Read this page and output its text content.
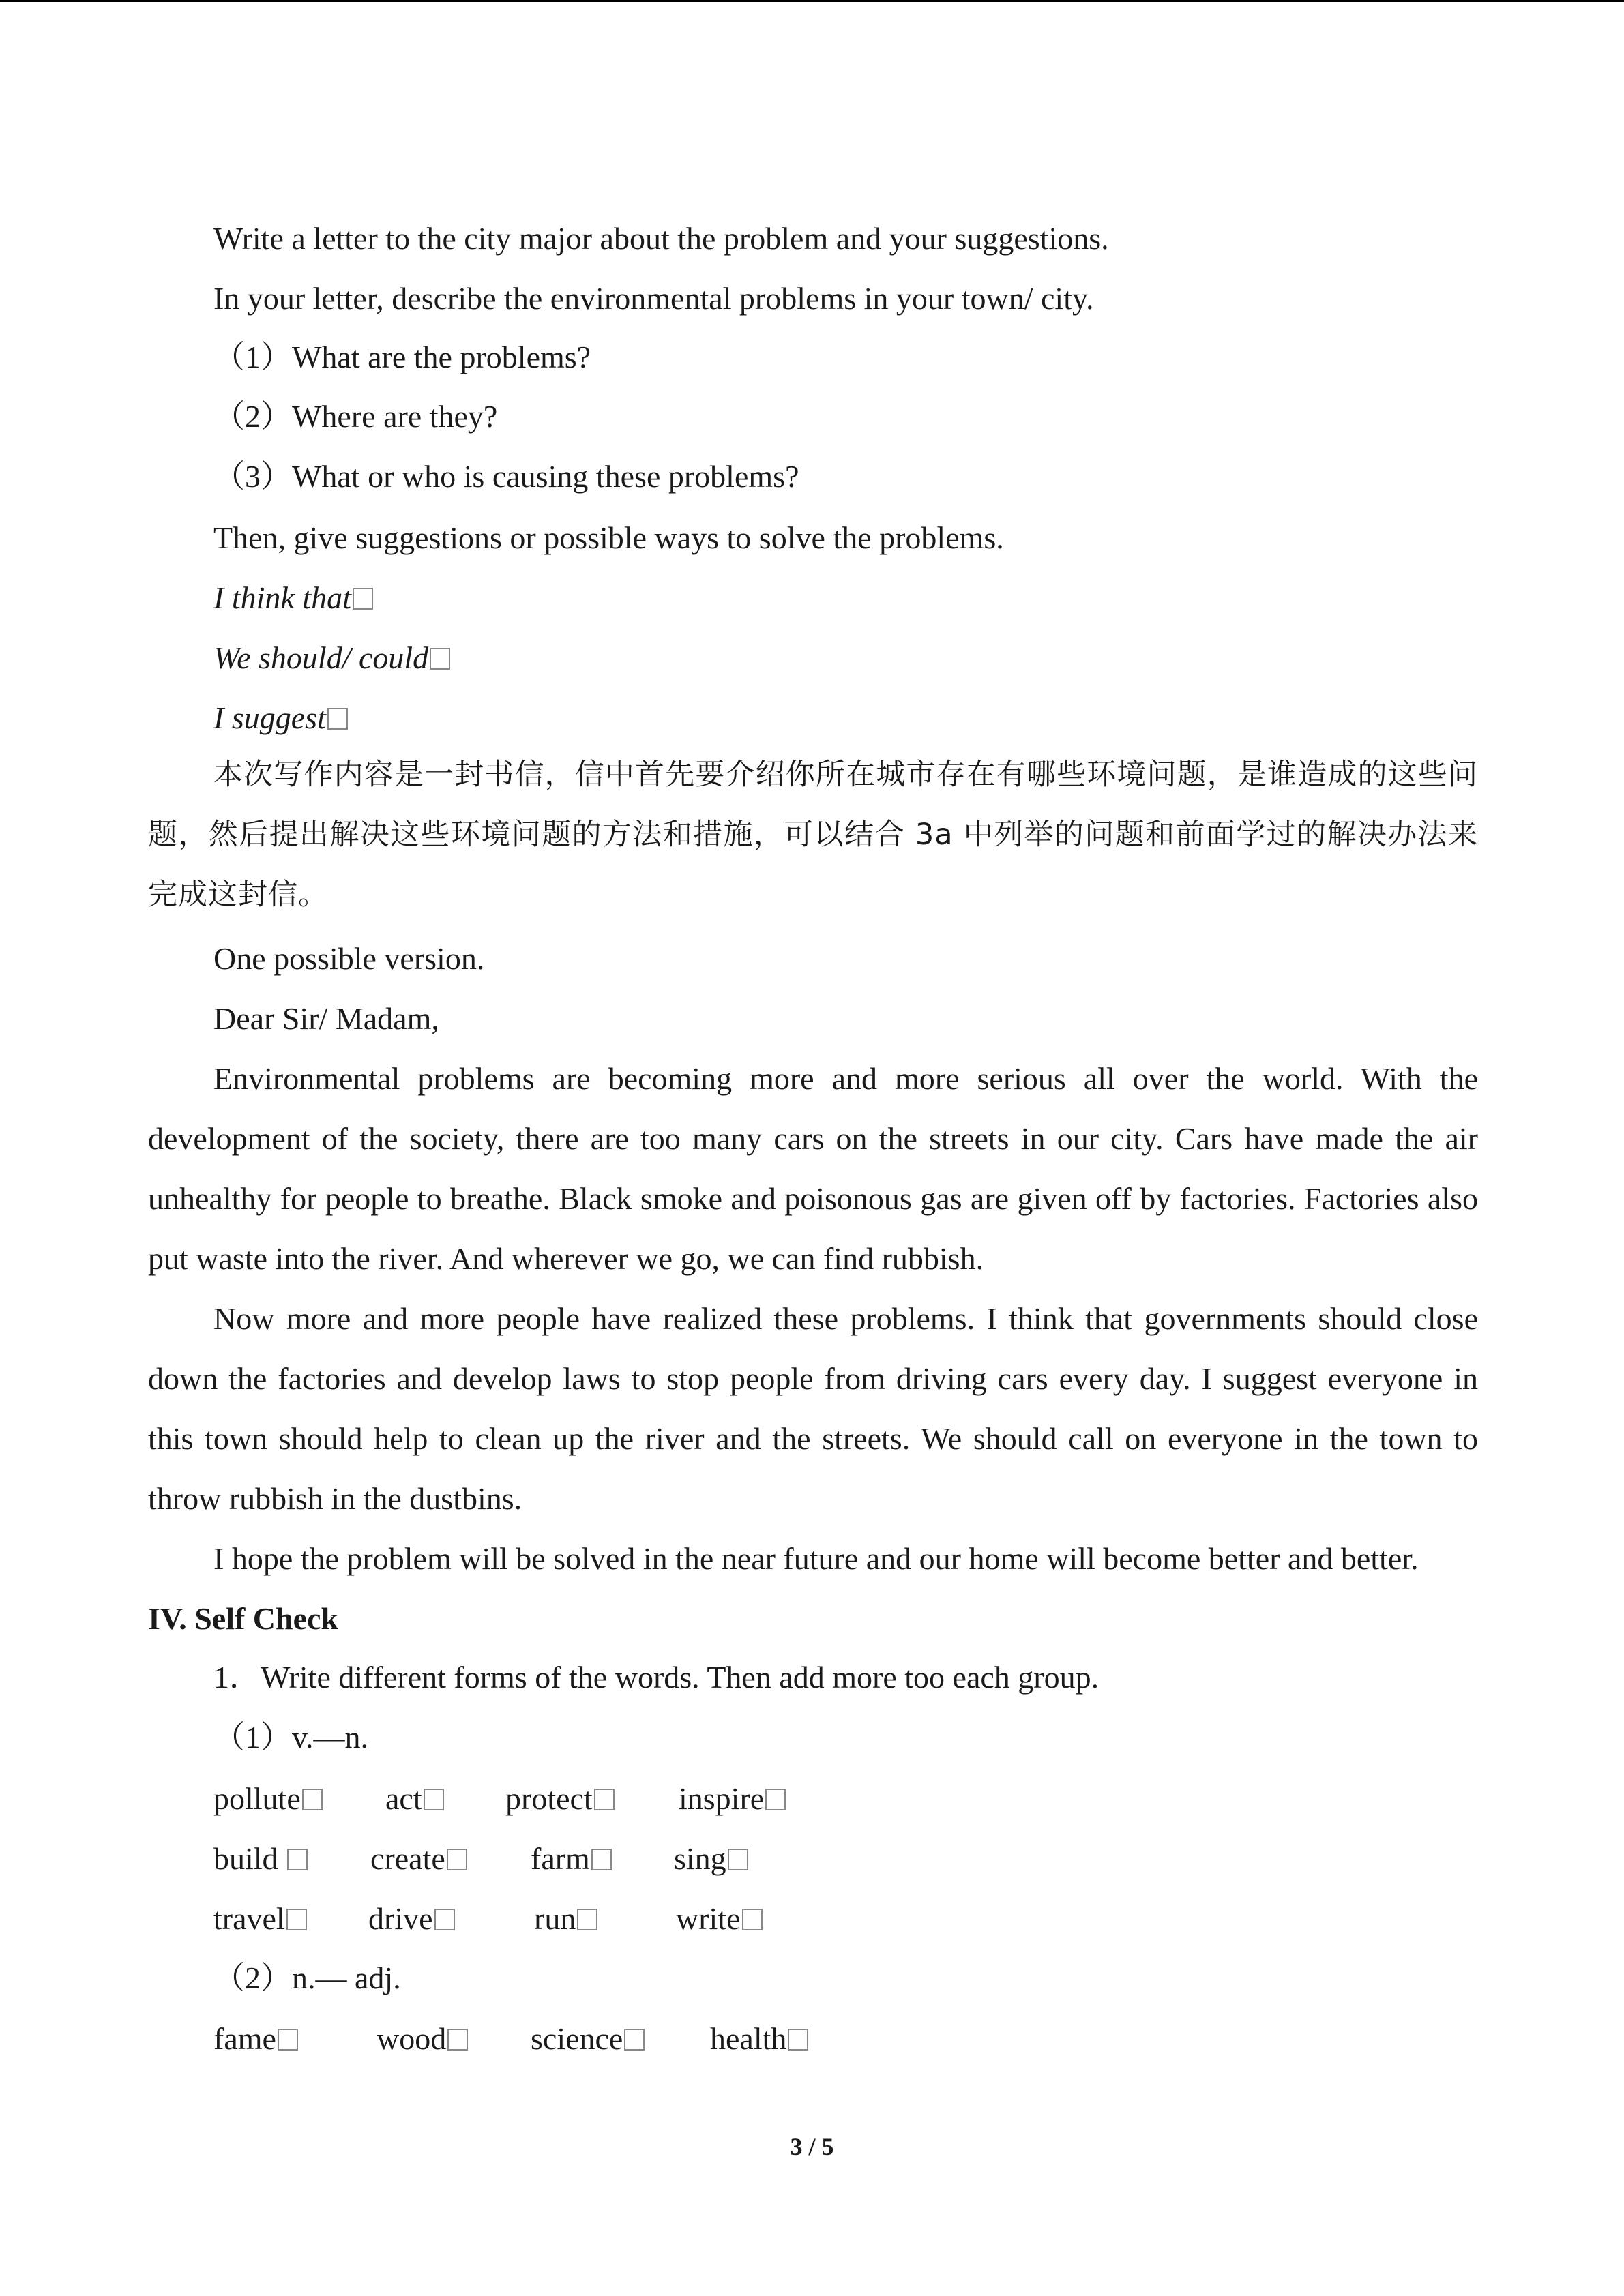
Write a letter to the city major about the problem and your suggestions.
In your letter, describe the environmental problems in your town/ city.
（1）What are the problems?
（2）Where are they?
（3）What or who is causing these problems?
Then, give suggestions or possible ways to solve the problems.
I think that
We should/ could
I suggest
本次写作内容是一封书信，信中首先要介绍你所在城市存在有哪些环境问题，是谁造成的这些问题，然后提出解决这些环境问题的方法和措施，可以结合 3a 中列举的问题和前面学过的解决办法来完成这封信。
One possible version.
Dear Sir/ Madam,
Environmental problems are becoming more and more serious all over the world. With the development of the society, there are too many cars on the streets in our city. Cars have made the air unhealthy for people to breathe. Black smoke and poisonous gas are given off by factories. Factories also put waste into the river. And wherever we go, we can find rubbish.
Now more and more people have realized these problems. I think that governments should close down the factories and develop laws to stop people from driving cars every day. I suggest everyone in this town should help to clean up the river and the streets. We should call on everyone in the town to throw rubbish in the dustbins.
I hope the problem will be solved in the near future and our home will become better and better.
IV. Self Check
1．Write different forms of the words. Then add more too each group.
（1）v.—n.
pollute	act	protect	inspire
build	create	farm	sing
travel	drive	run	write
（2）n.— adj.
fame	wood	science	health
3 / 5
